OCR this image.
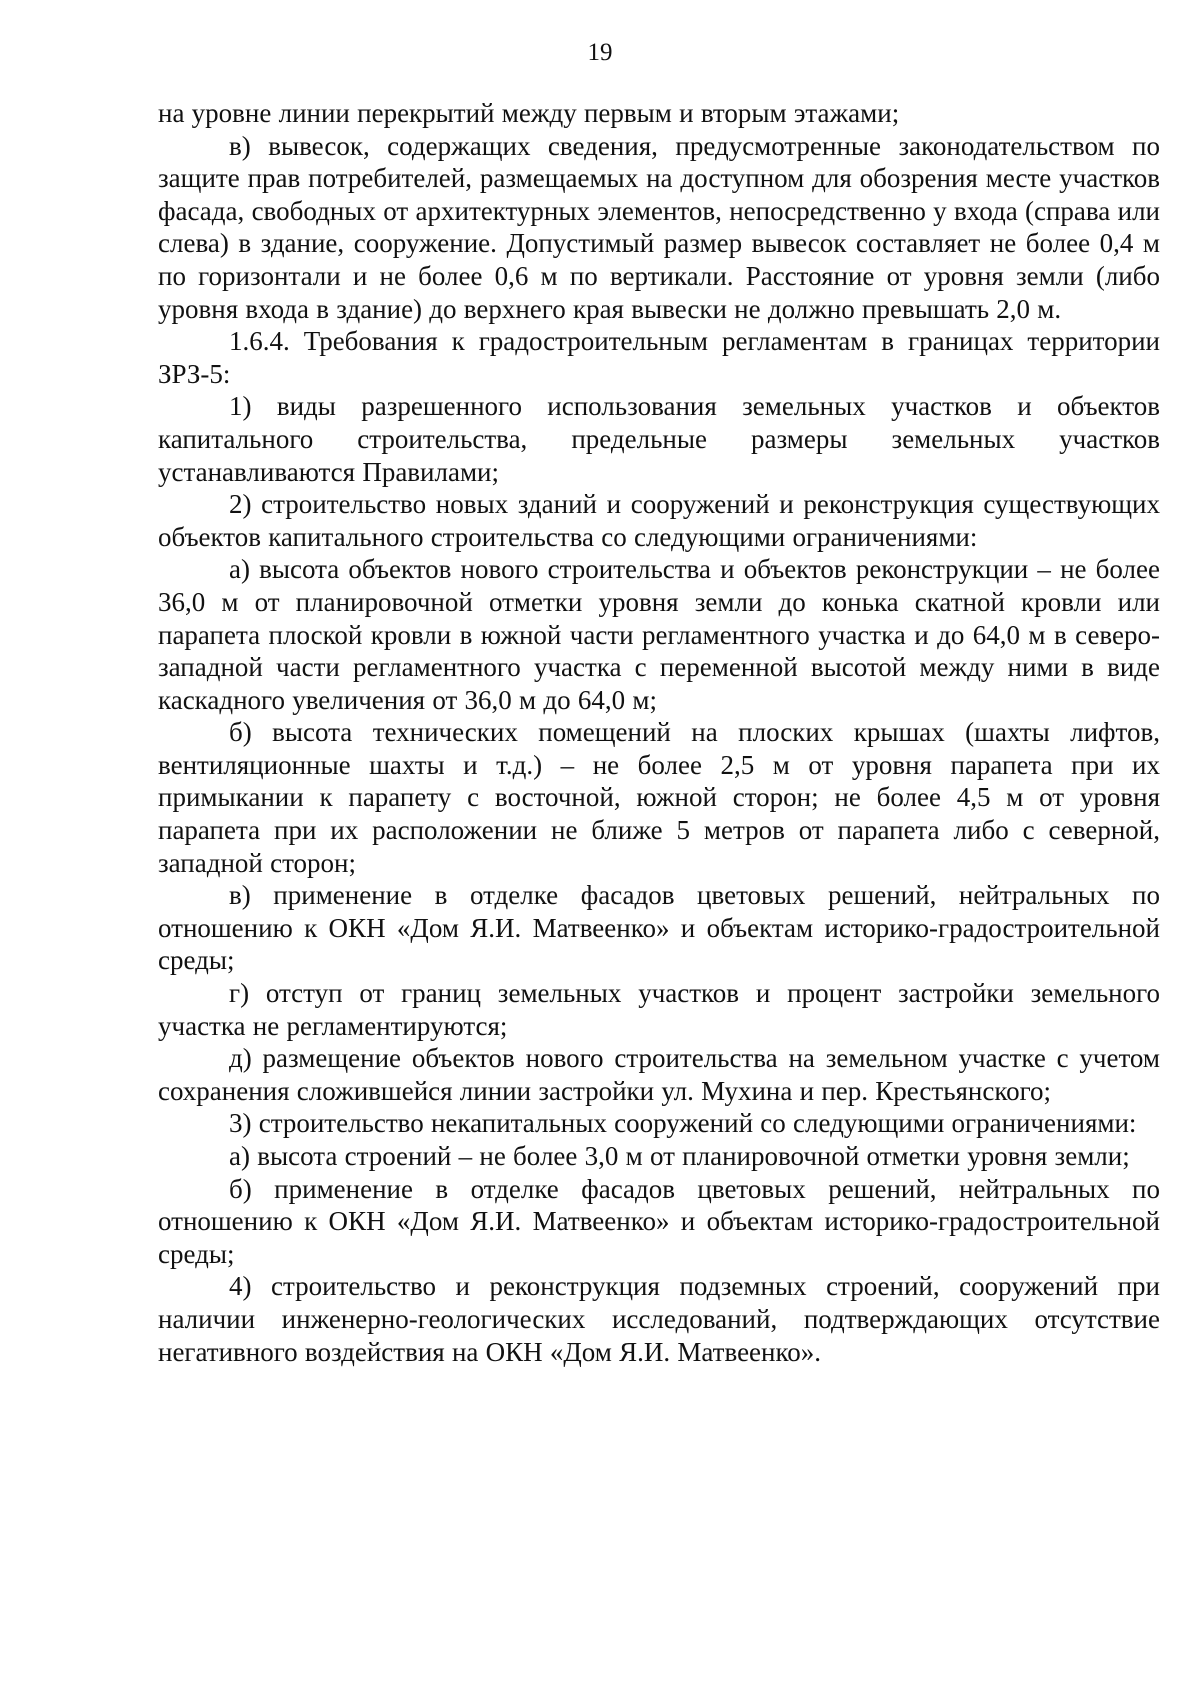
19

на уровне линии перекрытий между первым и вторым этажами;

в) вывесок, содержащих сведения, предусмотренные законодательством по защите прав потребителей, размещаемых на доступном для обозрения месте участков фасада, свободных от архитектурных элементов, непосредственно у входа (справа или слева) в здание, сооружение. Допустимый размер вывесок составляет не более 0,4 м по горизонтали и не более 0,6 м по вертикали. Расстояние от уровня земли (либо уровня входа в здание) до верхнего края вывески не должно превышать 2,0 м.

1.6.4. Требования к градостроительным регламентам в границах территории ЗРЗ-5:

1) виды разрешенного использования земельных участков и объектов капитального строительства, предельные размеры земельных участков устанавливаются Правилами;

2) строительство новых зданий и сооружений и реконструкция существующих объектов капитального строительства со следующими ограничениями:

а) высота объектов нового строительства и объектов реконструкции – не более 36,0 м от планировочной отметки уровня земли до конька скатной кровли или парапета плоской кровли в южной части регламентного участка и до 64,0 м в северо-западной части регламентного участка с переменной высотой между ними в виде каскадного увеличения от 36,0 м до 64,0 м;

б) высота технических помещений на плоских крышах (шахты лифтов, вентиляционные шахты и т.д.) – не более 2,5 м от уровня парапета при их примыкании к парапету с восточной, южной сторон; не более 4,5 м от уровня парапета при их расположении не ближе 5 метров от парапета либо с северной, западной сторон;

в) применение в отделке фасадов цветовых решений, нейтральных по отношению к ОКН «Дом Я.И. Матвеенко» и объектам историко-градостроительной среды;

г) отступ от границ земельных участков и процент застройки земельного участка не регламентируются;

д) размещение объектов нового строительства на земельном участке с учетом сохранения сложившейся линии застройки ул. Мухина и пер. Крестьянского;

3) строительство некапитальных сооружений со следующими ограничениями:

а) высота строений – не более 3,0 м от планировочной отметки уровня земли;

б) применение в отделке фасадов цветовых решений, нейтральных по отношению к ОКН «Дом Я.И. Матвеенко» и объектам историко-градостроительной среды;

4) строительство и реконструкция подземных строений, сооружений при наличии инженерно-геологических исследований, подтверждающих отсутствие негативного воздействия на ОКН «Дом Я.И. Матвеенко».
